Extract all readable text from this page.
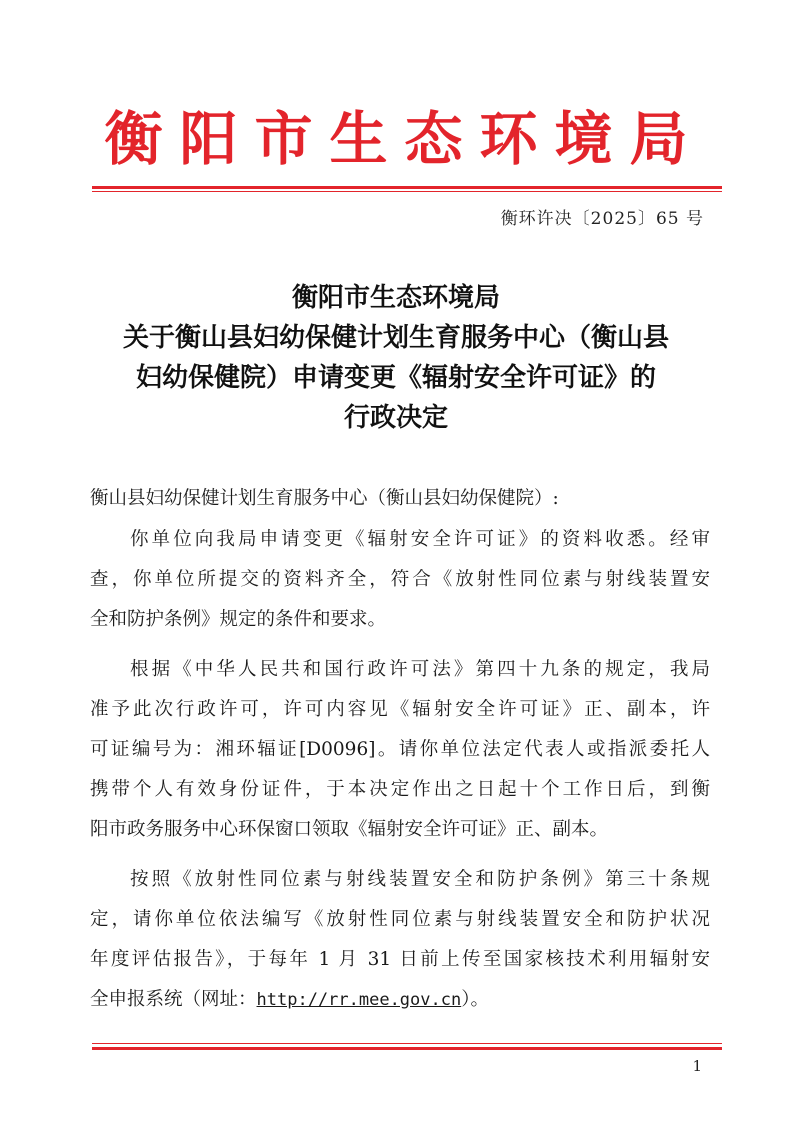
衡阳市生态环境局
衡环许决〔2025〕65 号
衡阳市生态环境局
关于衡山县妇幼保健计划生育服务中心（衡山县
妇幼保健院）申请变更《辐射安全许可证》的
行政决定
衡山县妇幼保健计划生育服务中心（衡山县妇幼保健院）:
你单位向我局申请变更《辐射安全许可证》的资料收悉。经审
查，你单位所提交的资料齐全，符合《放射性同位素与射线装置安
全和防护条例》规定的条件和要求。
根据《中华人民共和国行政许可法》第四十九条的规定，我局
准予此次行政许可，许可内容见《辐射安全许可证》正、副本，许
可证编号为：湘环辐证[D0096]。请你单位法定代表人或指派委托人
携带个人有效身份证件，于本决定作出之日起十个工作日后，到衡
阳市政务服务中心环保窗口领取《辐射安全许可证》正、副本。
按照《放射性同位素与射线装置安全和防护条例》第三十条规
定，请你单位依法编写《放射性同位素与射线装置安全和防护状况
年度评估报告》，于每年 1 月 31 日前上传至国家核技术利用辐射安
全申报系统（网址：http://rr.mee.gov.cn）。
1
